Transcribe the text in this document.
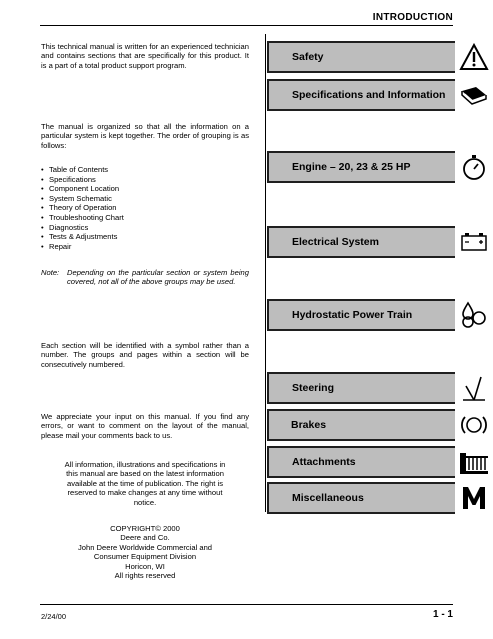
INTRODUCTION
This technical manual is written for an experienced technician and contains sections that are specifically for this product. It is a part of a total product support program.
The manual is organized so that all the information on a particular system is kept together. The order of grouping is as follows:
• Table of Contents
• Specifications
• Component Location
• System Schematic
• Theory of Operation
• Troubleshooting Chart
• Diagnostics
• Tests & Adjustments
• Repair
Note: Depending on the particular section or system being covered, not all of the above groups may be used.
Each section will be identified with a symbol rather than a number. The groups and pages within a section will be consecutively numbered.
We appreciate your input on this manual. If you find any errors, or want to comment on the layout of the manual, please mail your comments back to us.
All information, illustrations and specifications in this manual are based on the latest information available at the time of publication. The right is reserved to make changes at any time without notice.
COPYRIGHT© 2000
Deere and Co.
John Deere Worldwide Commercial and
Consumer Equipment Division
Horicon, WI
All rights reserved
Safety
Specifications and Information
Engine – 20, 23 & 25 HP
Electrical System
Hydrostatic Power Train
Steering
Brakes
Attachments
Miscellaneous
2/24/00	1 - 1
